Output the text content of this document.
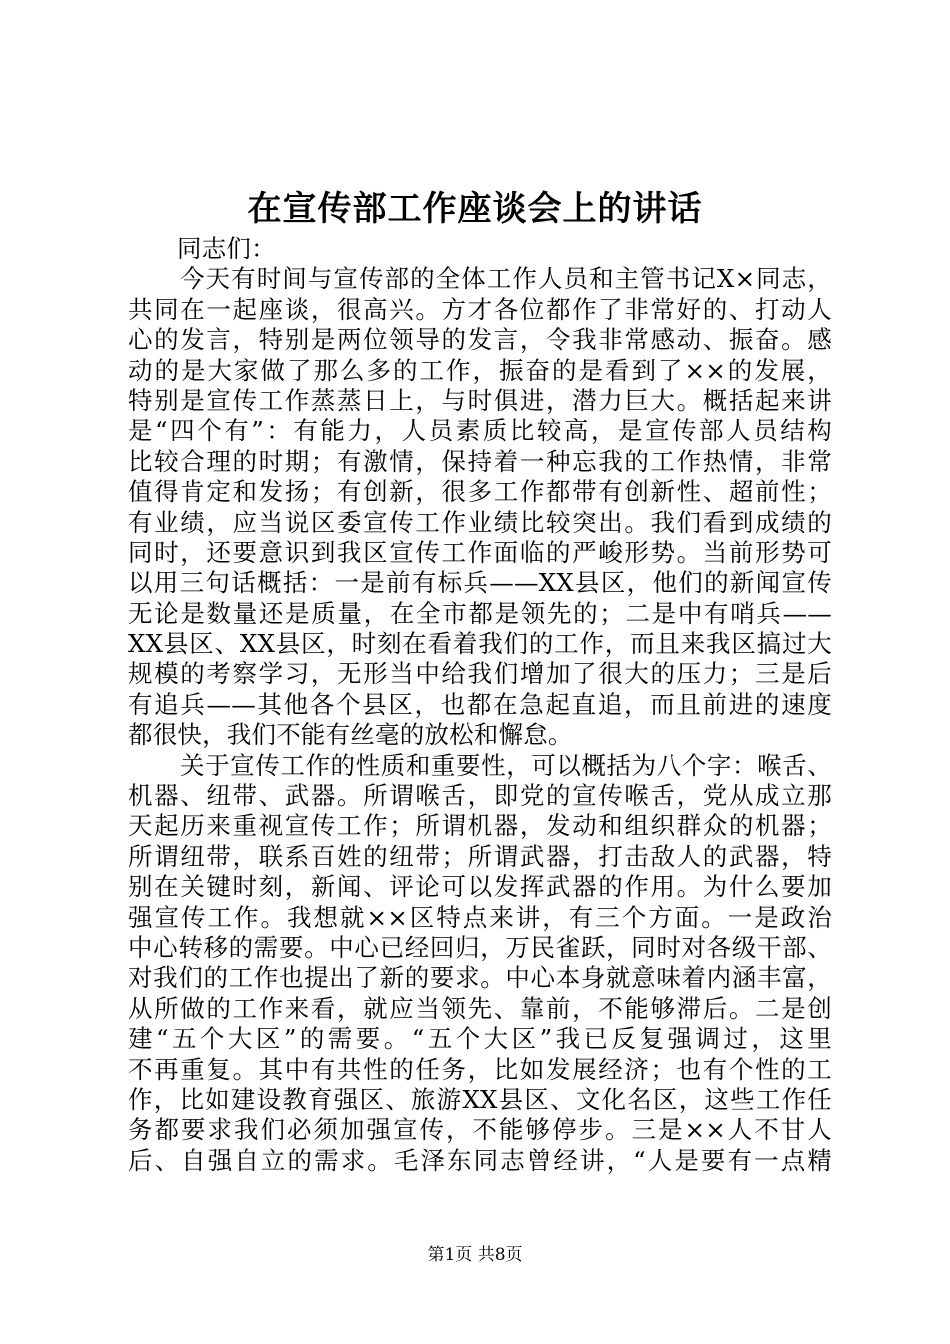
在宣传部工作座谈会上的讲话
同志们：
今天有时间与宣传部的全体工作人员和主管书记X×同志，
共同在一起座谈，很高兴。方才各位都作了非常好的、打动人
心的发言，特别是两位领导的发言，令我非常感动、振奋。感
动的是大家做了那么多的工作，振奋的是看到了××的发展，
特别是宣传工作蒸蒸日上，与时俱进，潜力巨大。概括起来讲
是“四个有”：有能力，人员素质比较高，是宣传部人员结构
比较合理的时期；有激情，保持着一种忘我的工作热情，非常
值得肯定和发扬；有创新，很多工作都带有创新性、超前性；
有业绩，应当说区委宣传工作业绩比较突出。我们看到成绩的
同时，还要意识到我区宣传工作面临的严峻形势。当前形势可
以用三句话概括：一是前有标兵——XX县区，他们的新闻宣传
无论是数量还是质量，在全市都是领先的；二是中有哨兵——
XX县区、XX县区，时刻在看着我们的工作，而且来我区搞过大
规模的考察学习，无形当中给我们增加了很大的压力；三是后
有追兵——其他各个县区，也都在急起直追，而且前进的速度
都很快，我们不能有丝毫的放松和懈怠。
关于宣传工作的性质和重要性，可以概括为八个字：喉舌、
机器、纽带、武器。所谓喉舌，即党的宣传喉舌，党从成立那
天起历来重视宣传工作；所谓机器，发动和组织群众的机器；
所谓纽带，联系百姓的纽带；所谓武器，打击敌人的武器，特
别在关键时刻，新闻、评论可以发挥武器的作用。为什么要加
强宣传工作。我想就××区特点来讲，有三个方面。一是政治
中心转移的需要。中心已经回归，万民雀跃，同时对各级干部、
对我们的工作也提出了新的要求。中心本身就意味着内涵丰富，
从所做的工作来看，就应当领先、靠前，不能够滞后。二是创
建“五个大区”的需要。“五个大区”我已反复强调过，这里
不再重复。其中有共性的任务，比如发展经济；也有个性的工
作，比如建设教育强区、旅游XX县区、文化名区，这些工作任
务都要求我们必须加强宣传，不能够停步。三是××人不甘人
后、自强自立的需求。毛泽东同志曾经讲，“人是要有一点精
第1页 共8页
